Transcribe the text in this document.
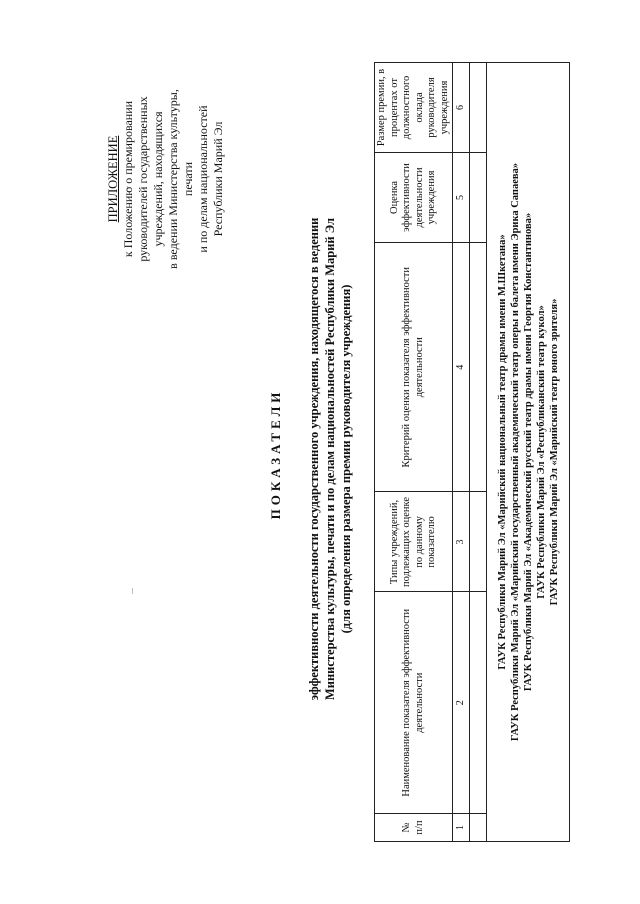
ПРИЛОЖЕНИЕ к Положению о премировании руководителей государственных учреждений, находящихся в ведении Министерства культуры, печати и по делам национальностей Республики Марий Эл
ПОКАЗАТЕЛИ эффективности деятельности государственного учреждения, находящегося в ведении Министерства культуры, печати и по делам национальностей Республики Марий Эл (для определения размера премии руководителя учреждения)
№ п/п	Наименование показателя эффективности деятельности	Типы учреждений, подлежащих оценке по данному показателю	Критерий оценки показателя эффективности деятельности	Оценка эффективности деятельности учреждения	Размер премии, в процентах от должностного оклада руководителя учреждения
1	2	3	4	5	6

ГАУК Республики Марий Эл «Марийский национальный театр драмы имени М.Шкетана» ГАУК Республики Марий Эл «Марийский государственный академический театр оперы и балета имени Эрика Сапаева» ГАУК Республики Марий Эл «Академический русский театр драмы имени Георгия Константинова» ГАУК Республики Марий Эл «Республиканский театр кукол» ГАУК Республики Марий Эл «Марийский театр юного зрителя»					
